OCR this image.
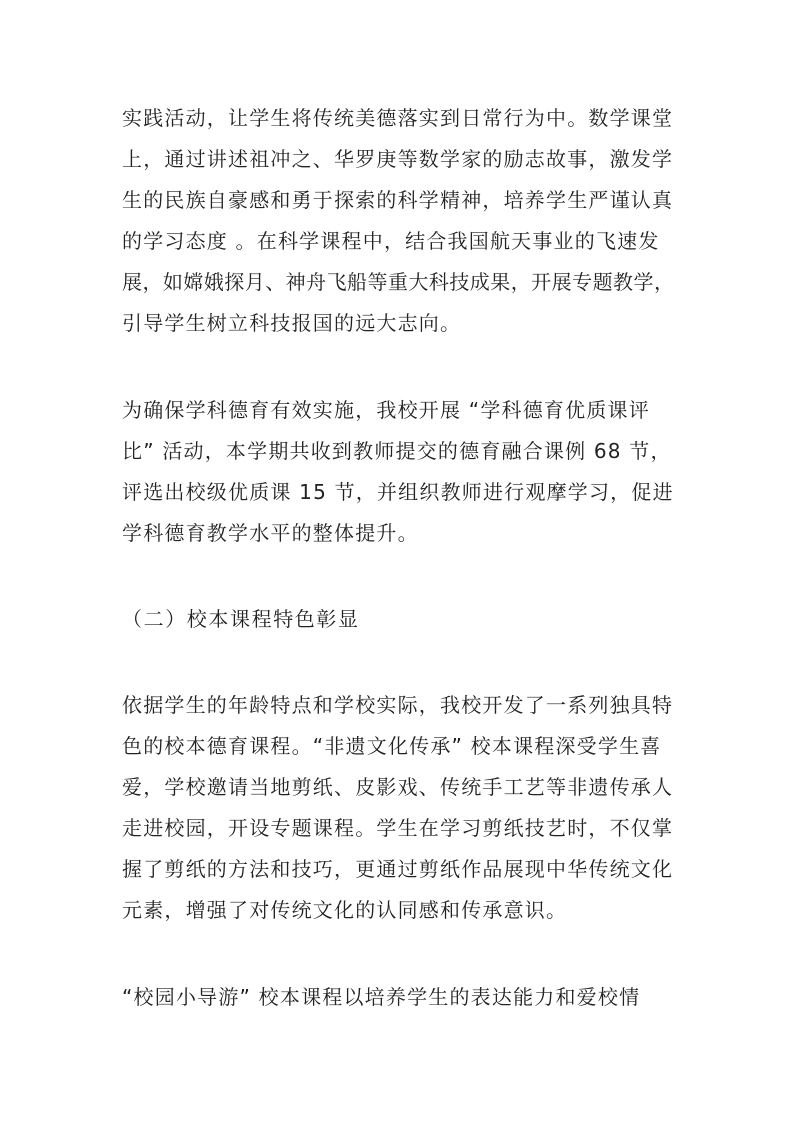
实践活动，让学生将传统美德落实到日常行为中。数学课堂
上，通过讲述祖冲之、华罗庚等数学家的励志故事，激发学
生的民族自豪感和勇于探索的科学精神，培养学生严谨认真
的学习态度 。在科学课程中，结合我国航天事业的飞速发
展，如嫦娥探月、神舟飞船等重大科技成果，开展专题教学，
引导学生树立科技报国的远大志向。
为确保学科德育有效实施，我校开展 “学科德育优质课评
比” 活动，本学期共收到教师提交的德育融合课例 68 节，
评选出校级优质课 15 节，并组织教师进行观摩学习，促进
学科德育教学水平的整体提升。
（二）校本课程特色彰显
依据学生的年龄特点和学校实际，我校开发了一系列独具特
色的校本德育课程。“非遗文化传承” 校本课程深受学生喜
爱，学校邀请当地剪纸、皮影戏、传统手工艺等非遗传承人
走进校园，开设专题课程。学生在学习剪纸技艺时，不仅掌
握了剪纸的方法和技巧，更通过剪纸作品展现中华传统文化
元素，增强了对传统文化的认同感和传承意识。
“校园小导游” 校本课程以培养学生的表达能力和爱校情
